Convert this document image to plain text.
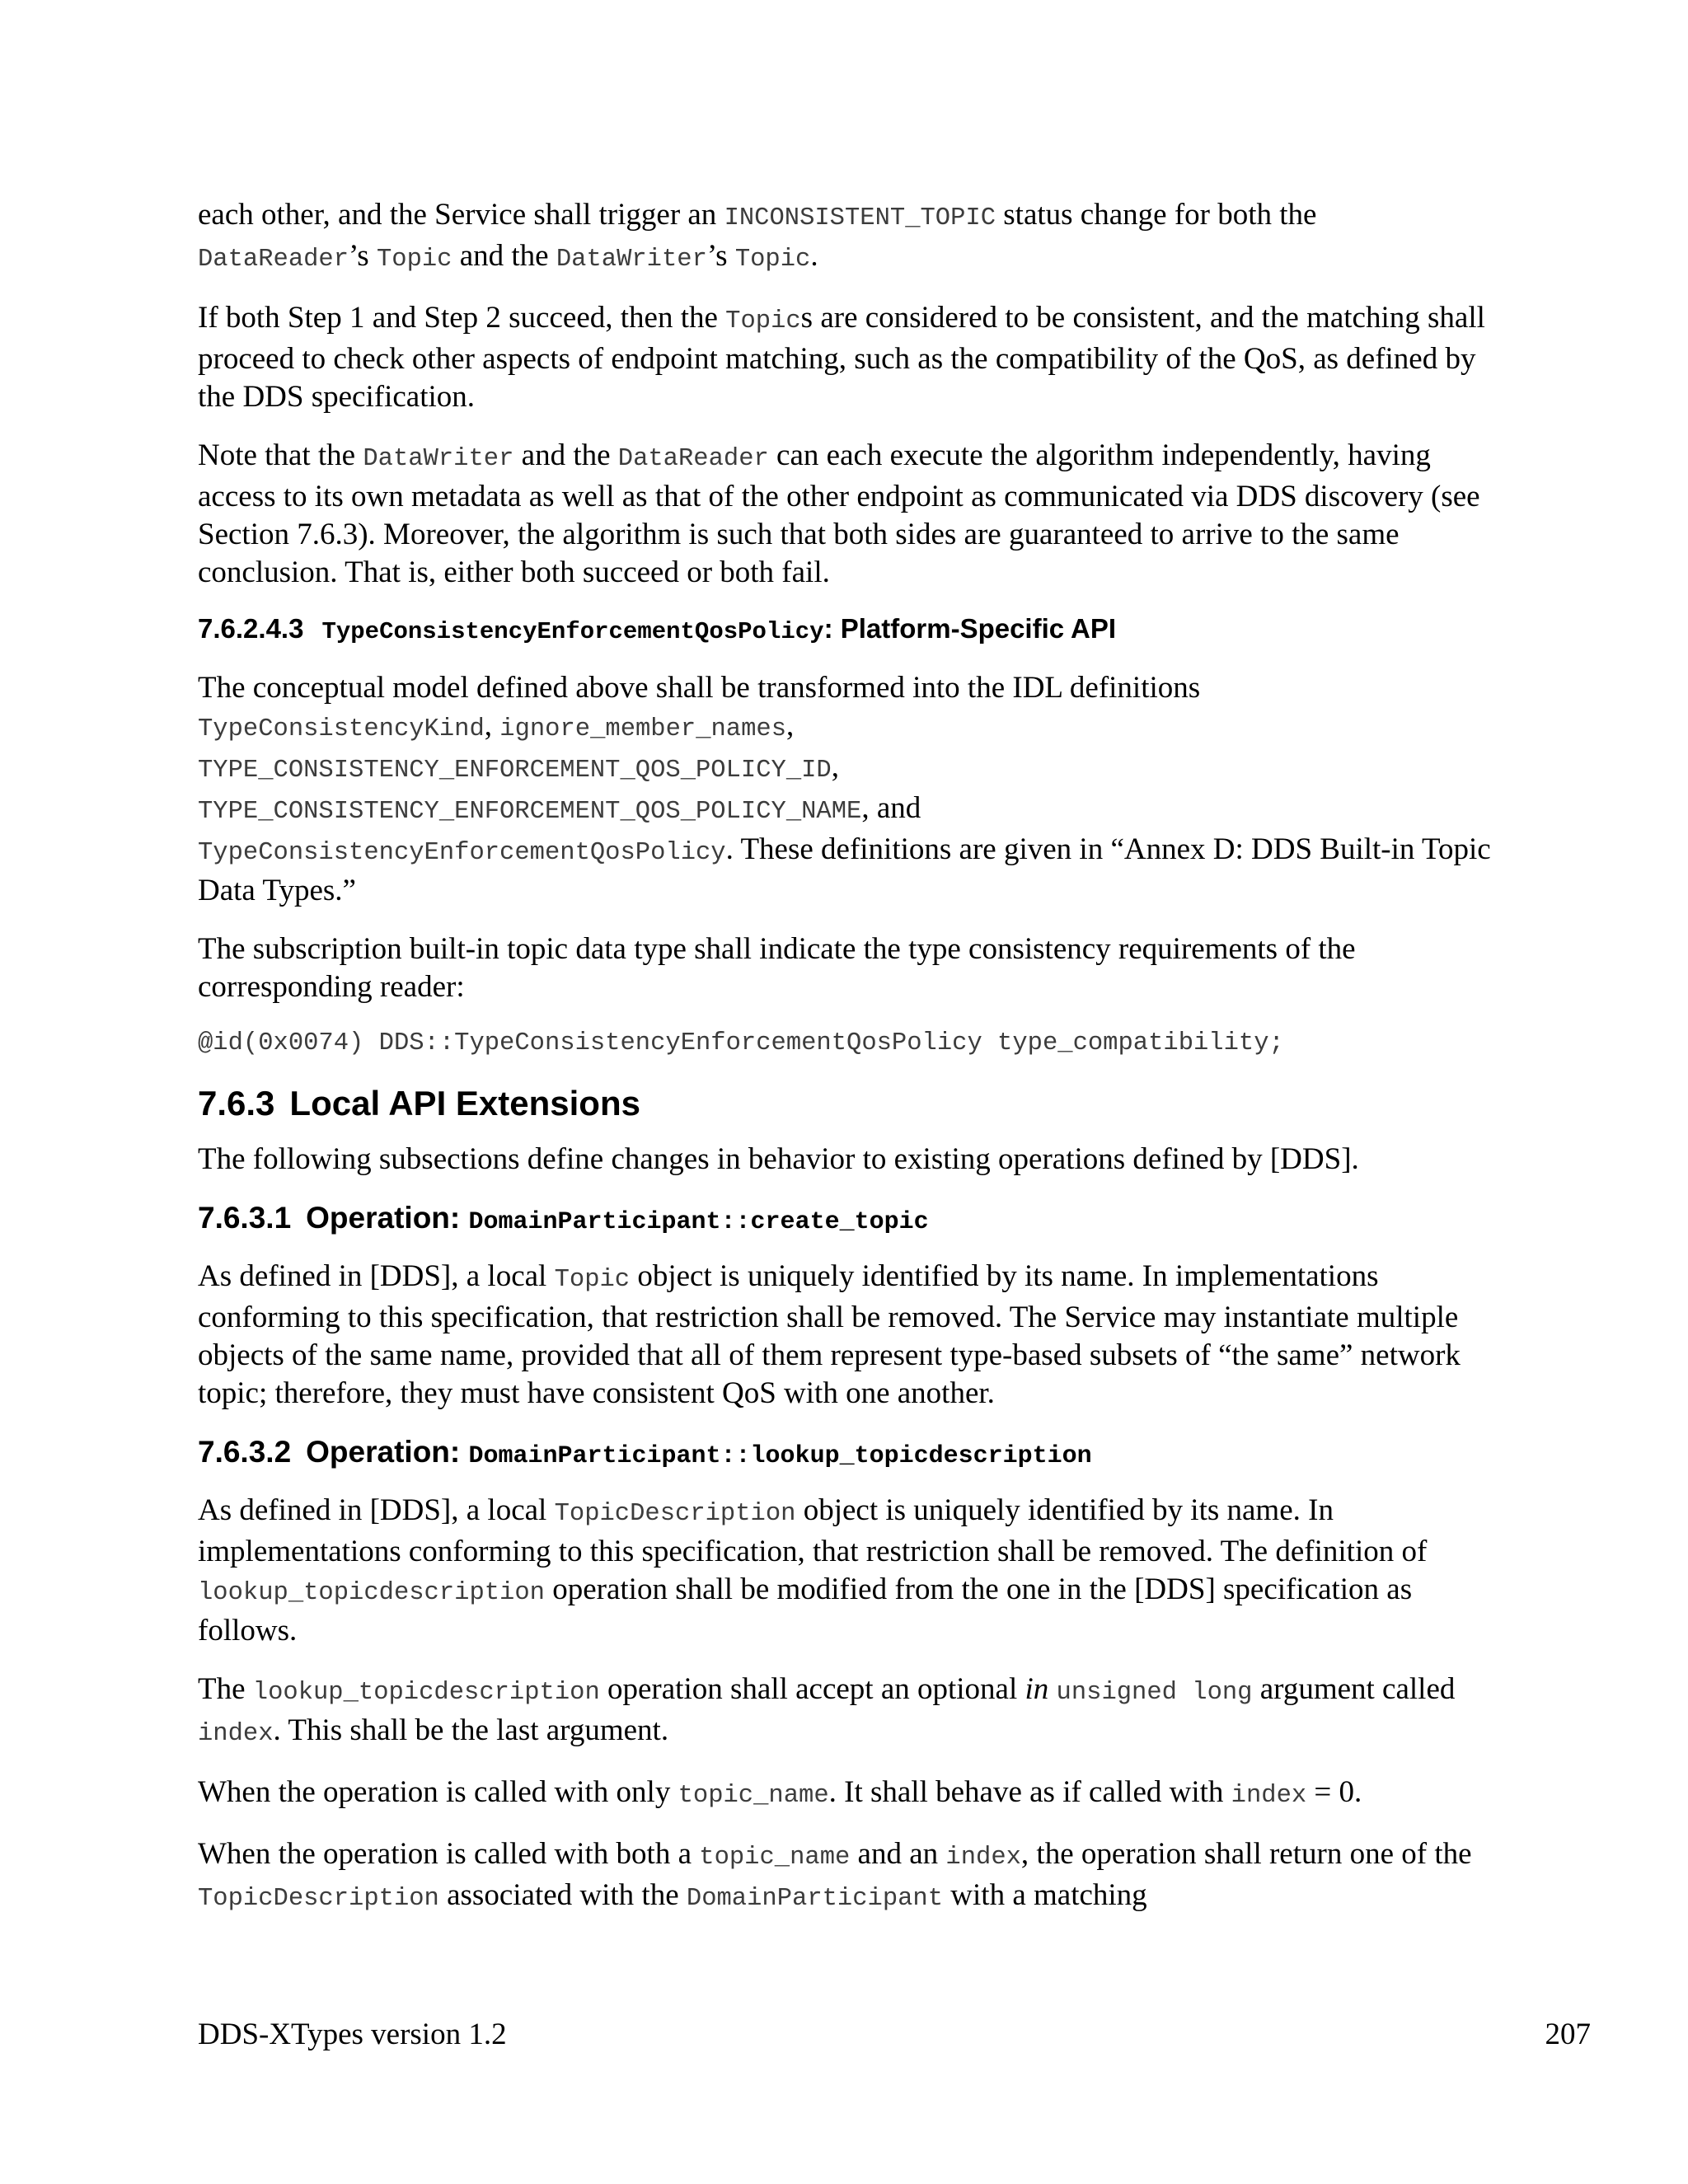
each other, and the Service shall trigger an INCONSISTENT_TOPIC status change for both the
DataReader’s Topic and the DataWriter’s Topic.

If both Step 1 and Step 2 succeed, then the Topics are considered to be consistent, and the matching shall proceed to check other aspects of endpoint matching, such as the compatibility of the QoS, as defined by the DDS specification.

Note that the DataWriter and the DataReader can each execute the algorithm independently, having access to its own metadata as well as that of the other endpoint as communicated via DDS discovery (see Section 7.6.3). Moreover, the algorithm is such that both sides are guaranteed to arrive to the same conclusion. That is, either both succeed or both fail.

7.6.2.4.3 TypeConsistencyEnforcementQosPolicy: Platform-Specific API

The conceptual model defined above shall be transformed into the IDL definitions
TypeConsistencyKind, ignore_member_names,
TYPE_CONSISTENCY_ENFORCEMENT_QOS_POLICY_ID,
TYPE_CONSISTENCY_ENFORCEMENT_QOS_POLICY_NAME, and
TypeConsistencyEnforcementQosPolicy. These definitions are given in “Annex D: DDS Built-in Topic Data Types.”

The subscription built-in topic data type shall indicate the type consistency requirements of the corresponding reader:

@id(0x0074) DDS::TypeConsistencyEnforcementQosPolicy type_compatibility;
7.6.3 Local API Extensions

The following subsections define changes in behavior to existing operations defined by [DDS].

7.6.3.1 Operation: DomainParticipant::create_topic

As defined in [DDS], a local Topic object is uniquely identified by its name. In implementations conforming to this specification, that restriction shall be removed. The Service may instantiate multiple objects of the same name, provided that all of them represent type-based subsets of “the same” network topic; therefore, they must have consistent QoS with one another.

7.6.3.2 Operation: DomainParticipant::lookup_topicdescription

As defined in [DDS], a local TopicDescription object is uniquely identified by its name. In implementations conforming to this specification, that restriction shall be removed. The definition of lookup_topicdescription operation shall be modified from the one in the [DDS] specification as follows.

The lookup_topicdescription operation shall accept an optional in unsigned long argument called index. This shall be the last argument.

When the operation is called with only topic_name. It shall behave as if called with index = 0.

When the operation is called with both a topic_name and an index, the operation shall return one of the
TopicDescription associated with the DomainParticipant with a matching

DDS-XTypes version 1.2	207
